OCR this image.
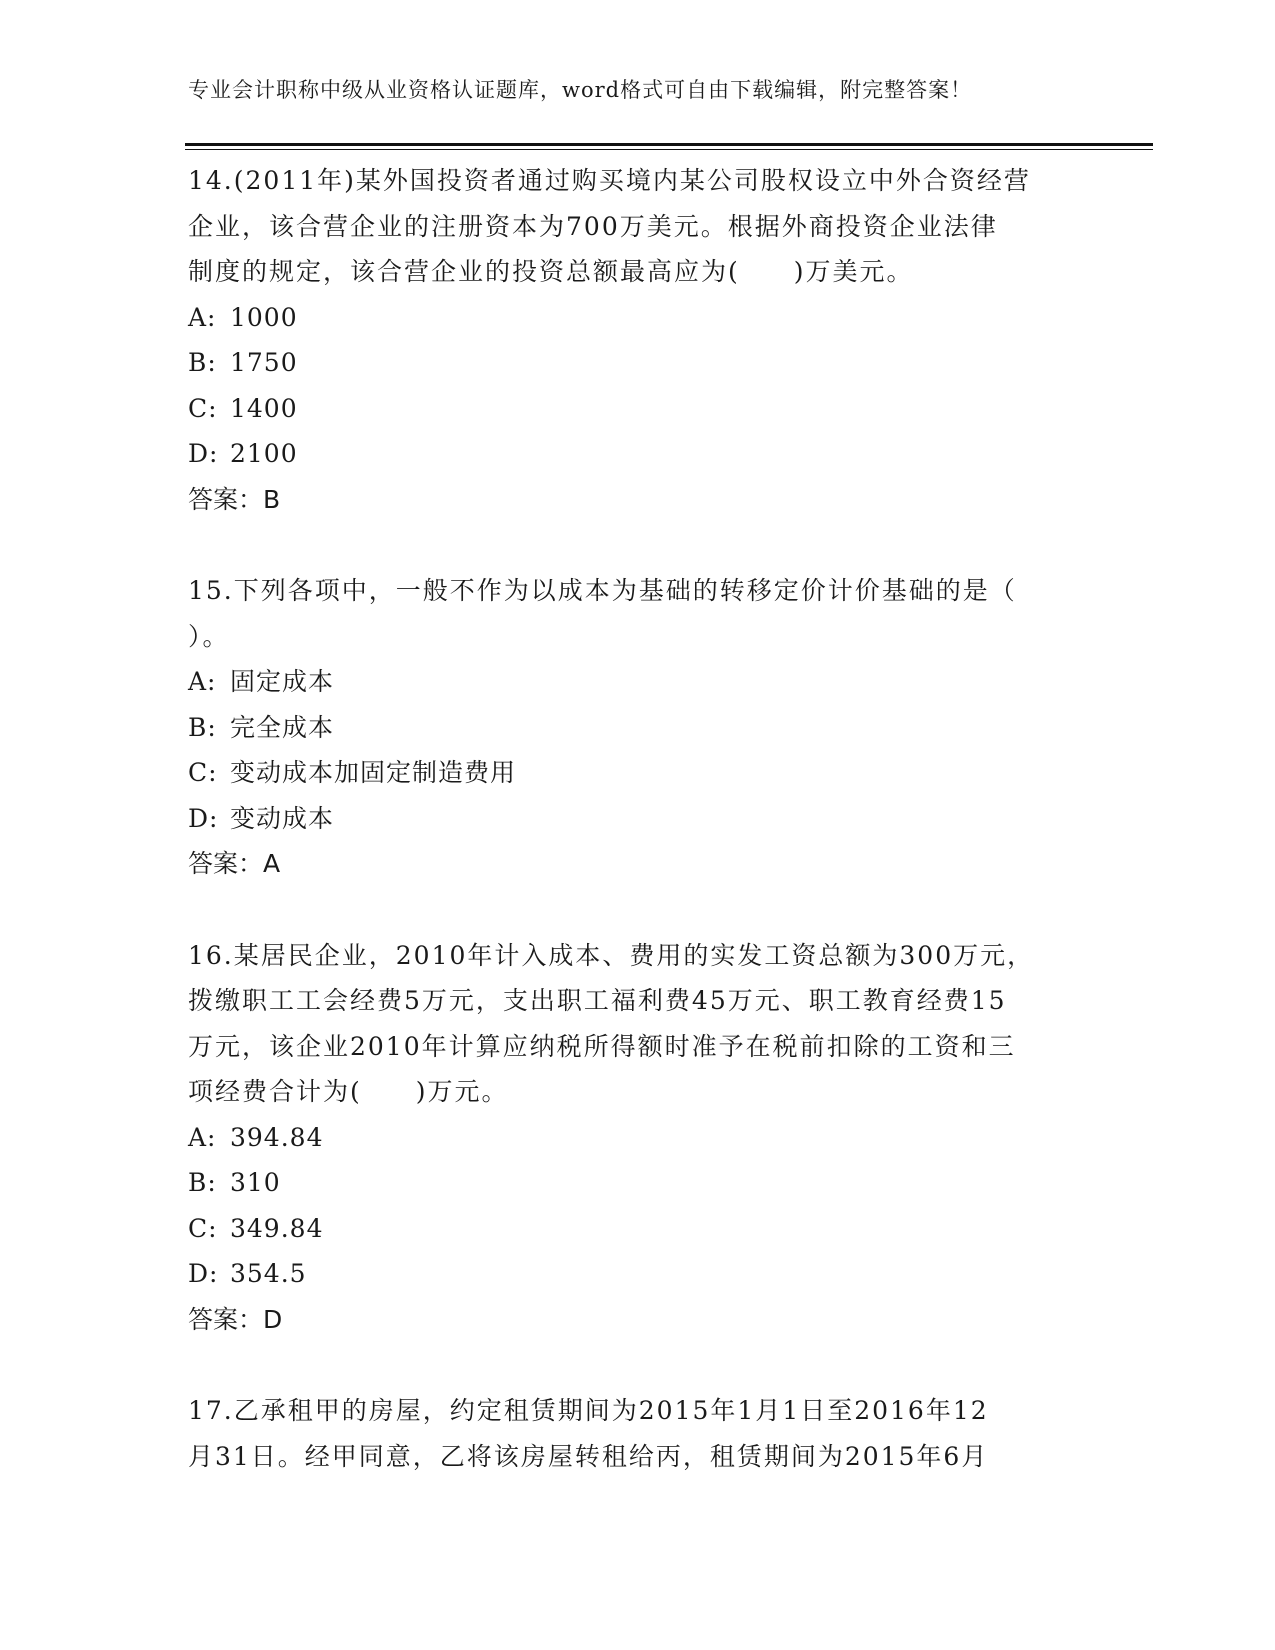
专业会计职称中级从业资格认证题库，word格式可自由下载编辑，附完整答案！

14.(2011年)某外国投资者通过购买境内某公司股权设立中外合资经营

企业，该合营企业的注册资本为700万美元。根据外商投资企业法律

制度的规定，该合营企业的投资总额最高应为(　　)万美元。

A: 1000

B: 1750

C: 1400

D: 2100

答案：B

15.下列各项中，一般不作为以成本为基础的转移定价计价基础的是（

）。

A: 固定成本

B: 完全成本

C: 变动成本加固定制造费用

D: 变动成本

答案：A

16.某居民企业，2010年计入成本、费用的实发工资总额为300万元，

拨缴职工工会经费5万元，支出职工福利费45万元、职工教育经费15

万元，该企业2010年计算应纳税所得额时准予在税前扣除的工资和三

项经费合计为(　　)万元。

A: 394.84

B: 310

C: 349.84

D: 354.5

答案：D

17.乙承租甲的房屋，约定租赁期间为2015年1月1日至2016年12

月31日。经甲同意，乙将该房屋转租给丙，租赁期间为2015年6月
